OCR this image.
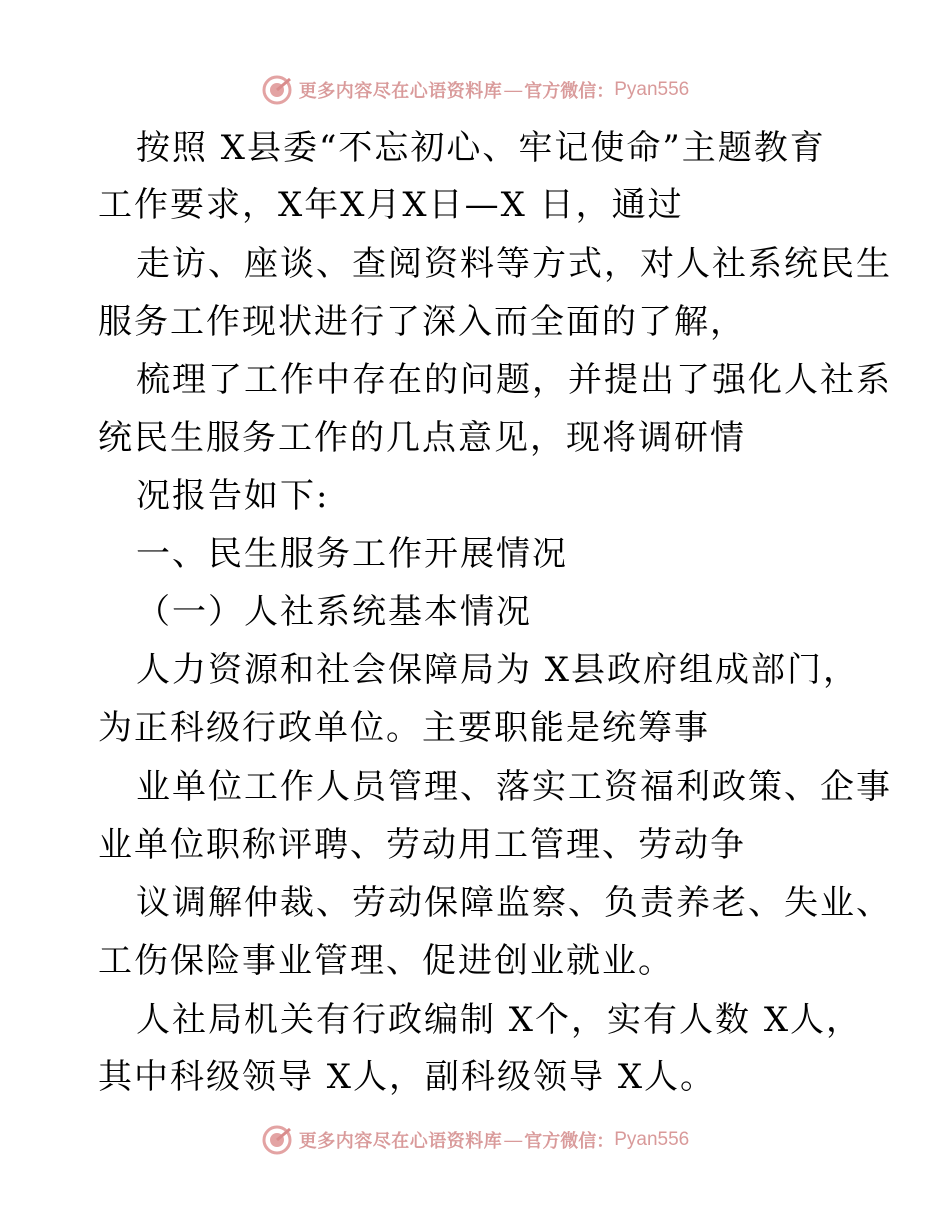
更多内容尽在心语资料库 — 官方微信： Pyan556
按照 X县委“不忘初心、牢记使命”主题教育
工作要求，X年X月X日—X 日，通过
走访、座谈、查阅资料等方式，对人社系统民生
服务工作现状进行了深入而全面的了解，
梳理了工作中存在的问题，并提出了强化人社系
统民生服务工作的几点意见，现将调研情
况报告如下:
一、民生服务工作开展情况
（一）人社系统基本情况
人力资源和社会保障局为 X县政府组成部门，
为正科级行政单位。主要职能是统筹事
业单位工作人员管理、落实工资福利政策、企事
业单位职称评聘、劳动用工管理、劳动争
议调解仲裁、劳动保障监察、负责养老、失业、
工伤保险事业管理、促进创业就业。
人社局机关有行政编制 X个，实有人数 X人，
其中科级领导 X人，副科级领导 X人。
更多内容尽在心语资料库 — 官方微信： Pyan556
